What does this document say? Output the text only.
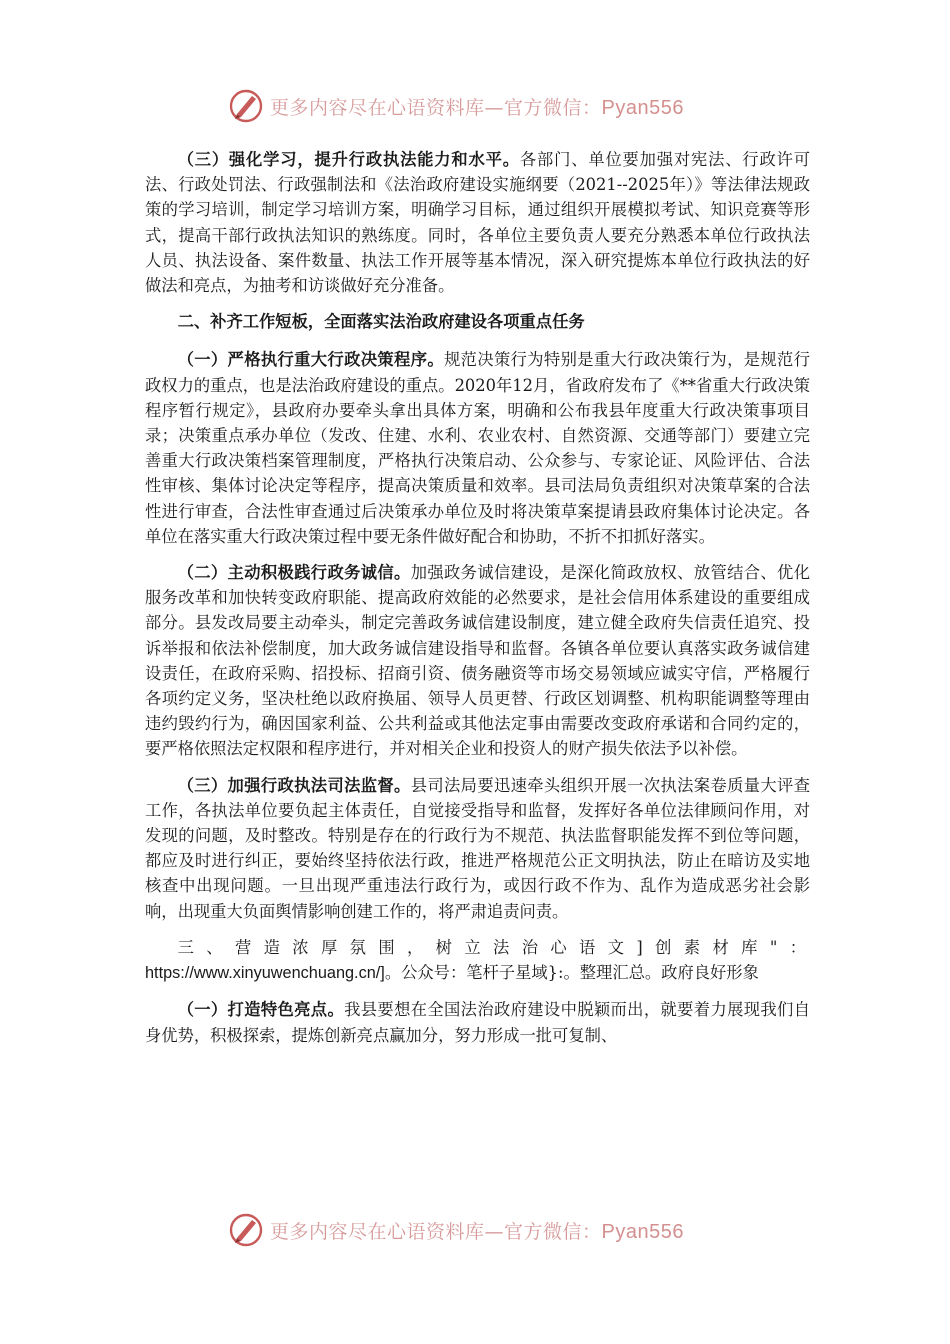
更多内容尽在心语资料库—官方微信：Pyan556

（三）强化学习，提升行政执法能力和水平。各部门、单位要加强对宪法、行政许可法、行政处罚法、行政强制法和《法治政府建设实施纲要（2021--2025年）》等法律法规政策的学习培训，制定学习培训方案，明确学习目标，通过组织开展模拟考试、知识竞赛等形式，提高干部行政执法知识的熟练度。同时，各单位主要负责人要充分熟悉本单位行政执法人员、执法设备、案件数量、执法工作开展等基本情况，深入研究提炼本单位行政执法的好做法和亮点，为抽考和访谈做好充分准备。

二、补齐工作短板，全面落实法治政府建设各项重点任务

（一）严格执行重大行政决策程序。规范决策行为特别是重大行政决策行为，是规范行政权力的重点，也是法治政府建设的重点。2020年12月，省政府发布了《**省重大行政决策程序暂行规定》，县政府办要牵头拿出具体方案，明确和公布我县年度重大行政决策事项目录；决策重点承办单位（发改、住建、水利、农业农村、自然资源、交通等部门）要建立完善重大行政决策档案管理制度，严格执行决策启动、公众参与、专家论证、风险评估、合法性审核、集体讨论决定等程序，提高决策质量和效率。县司法局负责组织对决策草案的合法性进行审查，合法性审查通过后决策承办单位及时将决策草案提请县政府集体讨论决定。各单位在落实重大行政决策过程中要无条件做好配合和协助，不折不扣抓好落实。

（二）主动积极践行政务诚信。加强政务诚信建设，是深化简政放权、放管结合、优化服务改革和加快转变政府职能、提高政府效能的必然要求，是社会信用体系建设的重要组成部分。县发改局要主动牵头，制定完善政务诚信建设制度，建立健全政府失信责任追究、投诉举报和依法补偿制度，加大政务诚信建设指导和监督。各镇各单位要认真落实政务诚信建设责任，在政府采购、招投标、招商引资、债务融资等市场交易领域应诚实守信，严格履行各项约定义务，坚决杜绝以政府换届、领导人员更替、行政区划调整、机构职能调整等理由违约毁约行为，确因国家利益、公共利益或其他法定事由需要改变政府承诺和合同约定的，要严格依照法定权限和程序进行，并对相关企业和投资人的财产损失依法予以补偿。

（三）加强行政执法司法监督。县司法局要迅速牵头组织开展一次执法案卷质量大评查工作，各执法单位要负起主体责任，自觉接受指导和监督，发挥好各单位法律顾问作用，对发现的问题，及时整改。特别是存在的行政行为不规范、执法监督职能发挥不到位等问题，都应及时进行纠正，要始终坚持依法行政，推进严格规范公正文明执法，防止在暗访及实地核查中出现问题。一旦出现严重违法行政行为，或因行政不作为、乱作为造成恶劣社会影响，出现重大负面舆情影响创建工作的，将严肃追责问责。

三、营造浓厚氛围，树立法治心语文]创素材库"：https://www.xinyuwenchuang.cn/]。公众号：笔杆子星域}:。整理汇总。政府良好形象

（一）打造特色亮点。我县要想在全国法治政府建设中脱颖而出，就要着力展现我们自身优势，积极探索，提炼创新亮点赢加分，努力形成一批可复制、

更多内容尽在心语资料库—官方微信：Pyan556
